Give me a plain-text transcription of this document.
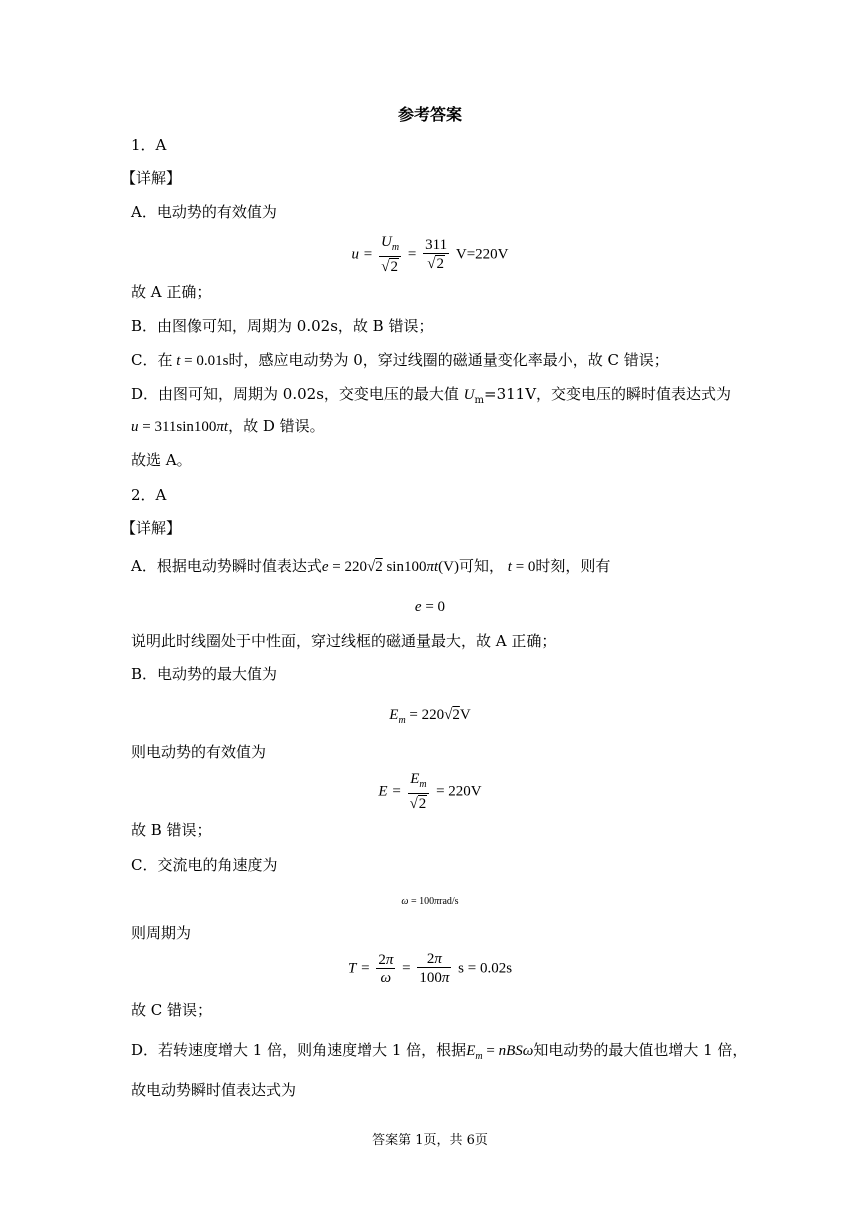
参考答案
1．A
【详解】
A．电动势的有效值为
$u = \frac{U_m}{√2} = \frac{311}{√2} V=220V$
故 A 正确；
B．由图像可知，周期为 0.02s，故 B 错误；
C．在 t = 0.01s时，感应电动势为 0，穿过线圈的磁通量变化率最小，故 C 错误；
D．由图可知，周期为 0.02s，交变电压的最大值 $U_m=311V$，交变电压的瞬时值表达式为
u = 311sin100πt，故 D 错误。
故选 A。
2．A
【详解】
A．根据电动势瞬时值表达式e = 220√2 sin100πt(V)可知， t = 0时刻，则有
e = 0
说明此时线圈处于中性面，穿过线框的磁通量最大，故 A 正确；
B．电动势的最大值为
$E_m = 220√2V$
则电动势的有效值为
$E = \frac{E_m}{√2} = 220V$
故 B 错误；
C．交流电的角速度为
ω = 100πrad/s
则周期为
$T = \frac{2\pi}{\omega} = \frac{2\pi}{100\pi}$ s = 0.02s
故 C 错误；
D．若转速度增大 1 倍，则角速度增大 1 倍，根据$E_m = nBS\omega$知电动势的最大值也增大 1 倍，
故电动势瞬时值表达式为
答案第 1页，共 6页
